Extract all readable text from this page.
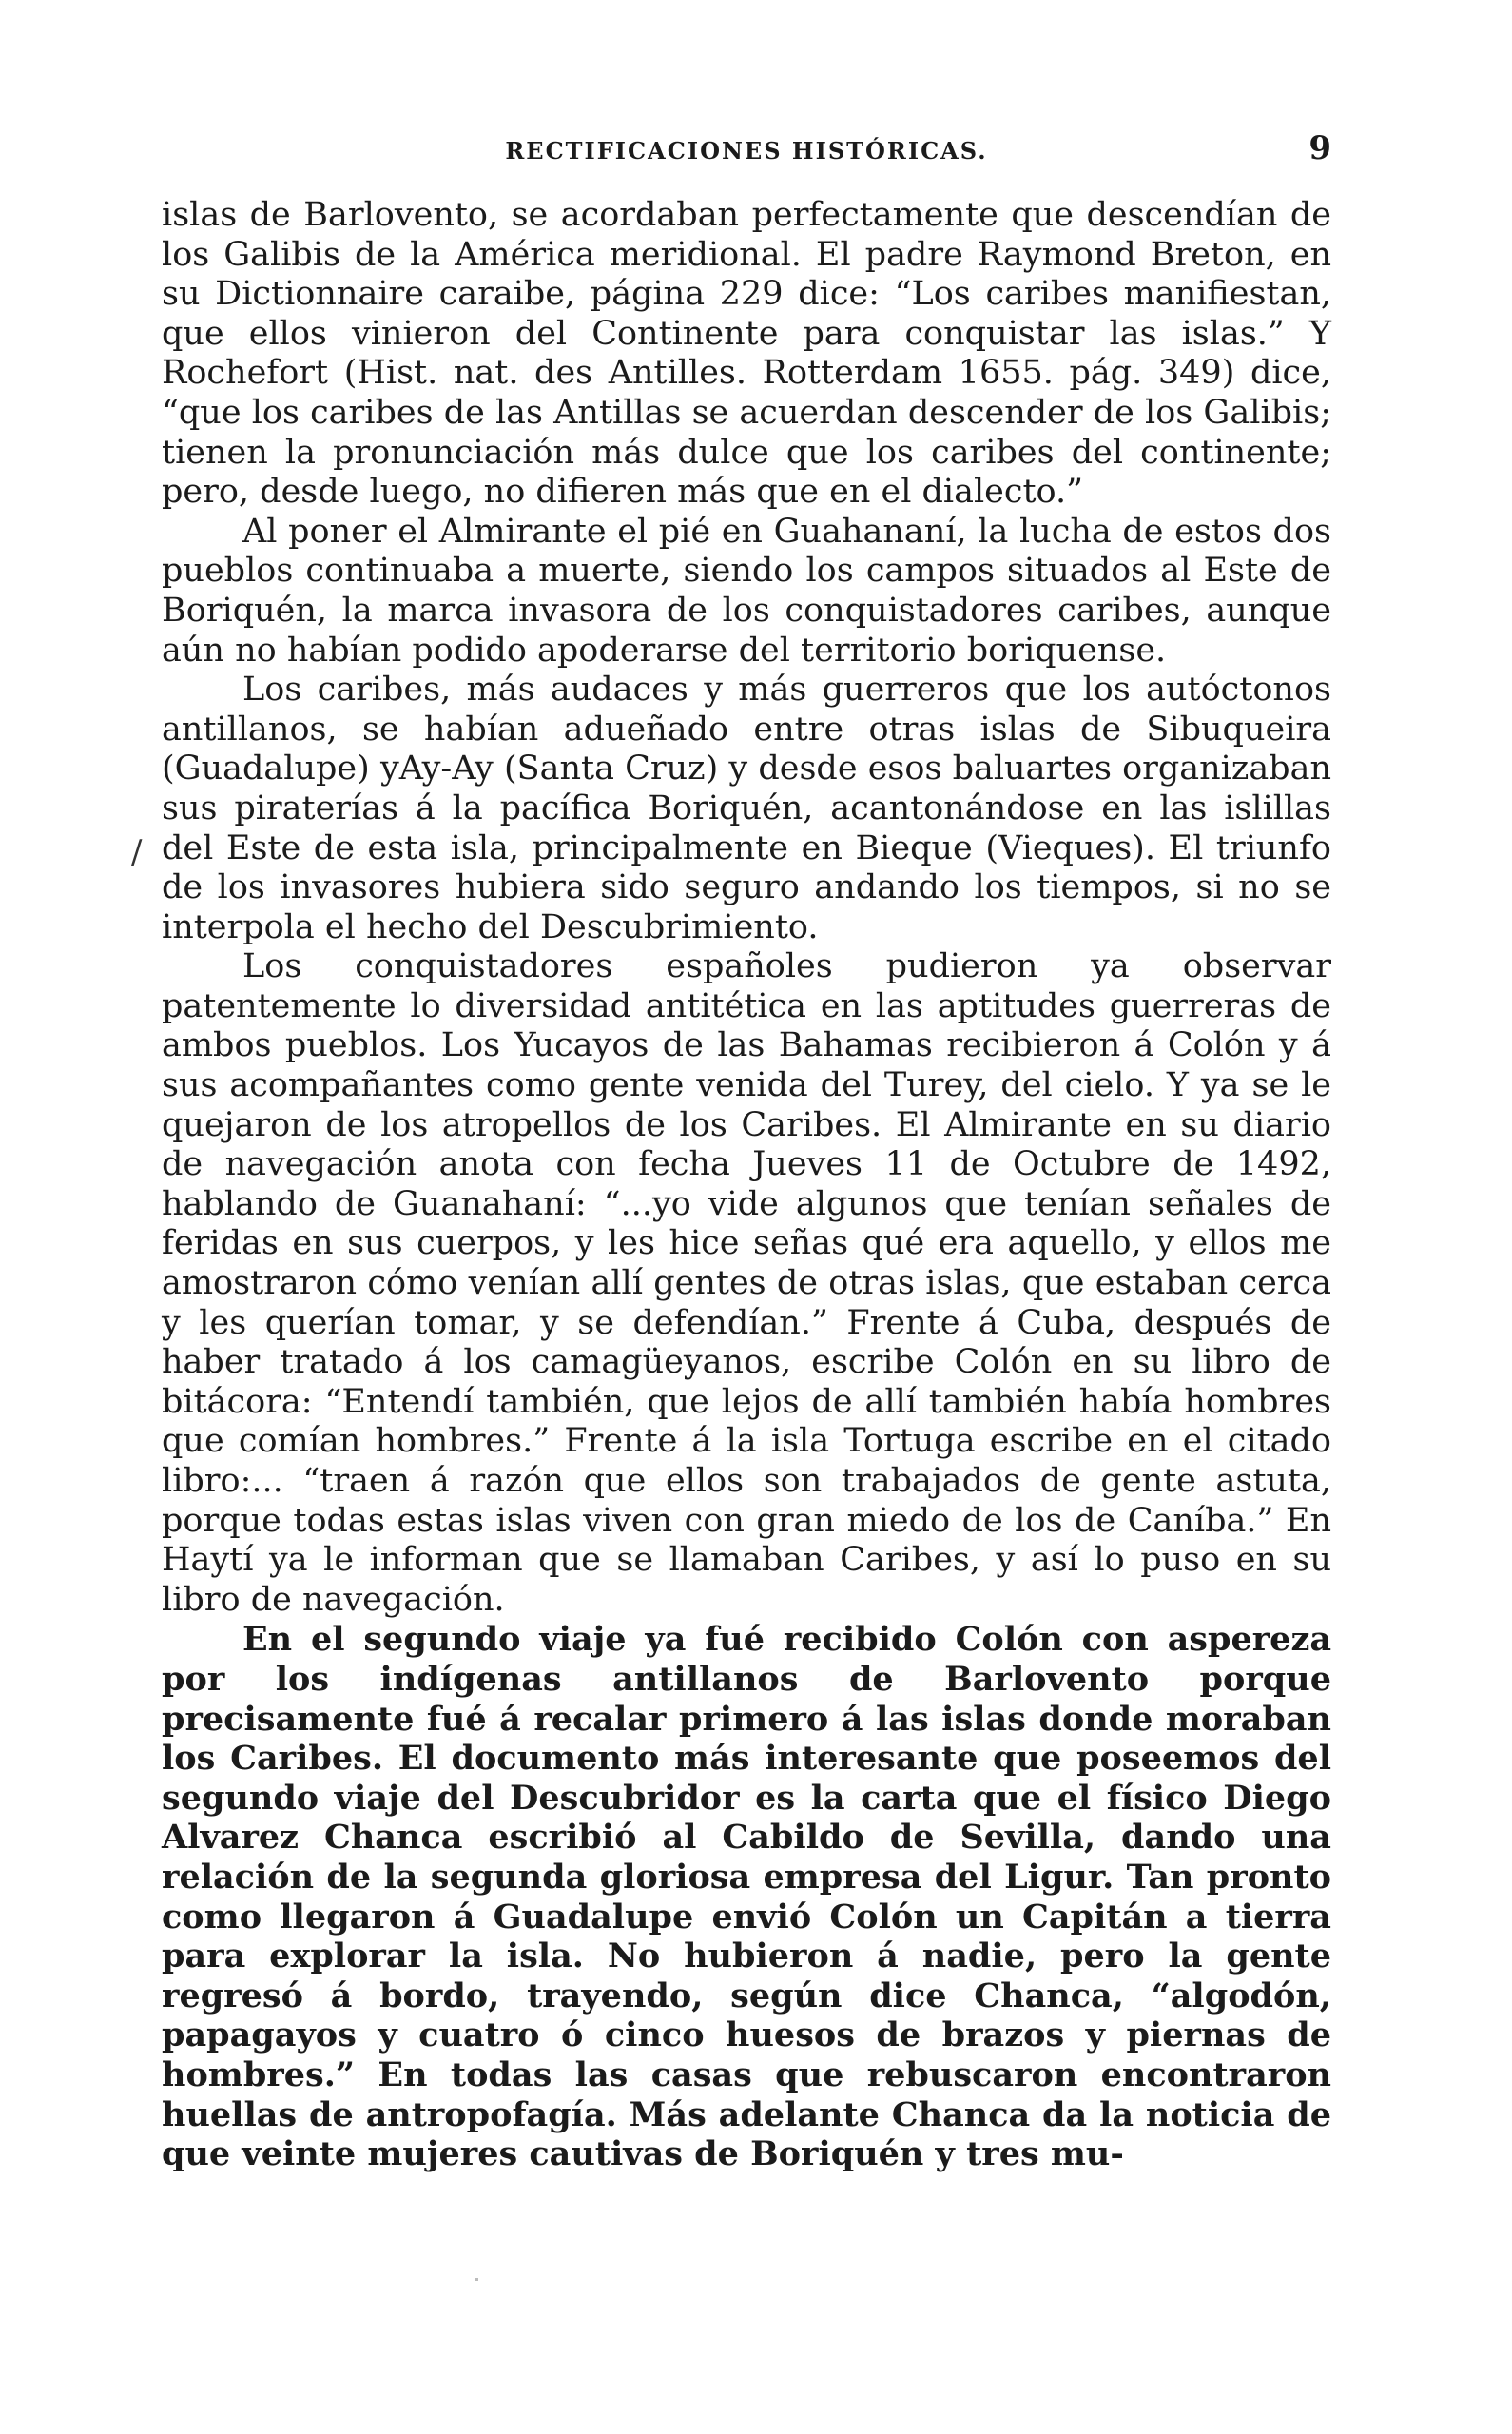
RECTIFICACIONES HISTÓRICAS.	9

islas de Barlovento, se acordaban perfectamente que descendían de los Galibis de la América meridional. El padre Raymond Breton, en su Dictionnaire caraibe, página 229 dice: “Los caribes manifiestan, que ellos vinieron del Continente para conquistar las islas.” Y Rochefort (Hist. nat. des Antilles. Rotterdam 1655. pág. 349) dice, “que los caribes de las Antillas se acuerdan descender de los Galibis; tienen la pronunciación más dulce que los caribes del continente; pero, desde luego, no difieren más que en el dialecto.”

Al poner el Almirante el pié en Guahananí, la lucha de estos dos pueblos continuaba a muerte, siendo los campos situados al Este de Boriquén, la marca invasora de los conquistadores caribes, aunque aún no habían podido apoderarse del territorio boriquense.

Los caribes, más audaces y más guerreros que los autóctonos antillanos, se habían adueñado entre otras islas de Sibuqueira (Guadalupe) yAy-Ay (Santa Cruz) y desde esos baluartes organizaban sus piraterías á la pacífica Boriquén, acantonándose en las islillas del Este de esta isla, principalmente en Bieque (Vieques). El triunfo de los invasores hubiera sido seguro andando los tiempos, si no se interpola el hecho del Descubrimiento.

Los conquistadores españoles pudieron ya observar patentemente lo diversidad antitética en las aptitudes guerreras de ambos pueblos. Los Yucayos de las Bahamas recibieron á Colón y á sus acompañantes como gente venida del Turey, del cielo. Y ya se le quejaron de los atropellos de los Caribes. El Almirante en su diario de navegación anota con fecha Jueves 11 de Octubre de 1492, hablando de Guanahaní: “...yo vide algunos que tenían señales de feridas en sus cuerpos, y les hice señas qué era aquello, y ellos me amostraron cómo venían allí gentes de otras islas, que estaban cerca y les querían tomar, y se defendían.” Frente á Cuba, después de haber tratado á los camagüeyanos, escribe Colón en su libro de bitácora: “Entendí también, que lejos de allí también había hombres que comían hombres.” Frente á la isla Tortuga escribe en el citado libro:... “traen á razón que ellos son trabajados de gente astuta, porque todas estas islas viven con gran miedo de los de Caníba.” En Haytí ya le informan que se llamaban Caribes, y así lo puso en su libro de navegación.

En el segundo viaje ya fué recibido Colón con aspereza por los indígenas antillanos de Barlovento porque precisamente fué á recalar primero á las islas donde moraban los Caribes. El documento más interesante que poseemos del segundo viaje del Descubridor es la carta que el físico Diego Alvarez Chanca escribió al Cabildo de Sevilla, dando una relación de la segunda gloriosa empresa del Ligur. Tan pronto como llegaron á Guadalupe envió Colón un Capitán a tierra para explorar la isla. No hubieron á nadie, pero la gente regresó á bordo, trayendo, según dice Chanca, “algodón, papagayos y cuatro ó cinco huesos de brazos y piernas de hombres.” En todas las casas que rebuscaron encontraron huellas de antropofagía. Más adelante Chanca da la noticia de que veinte mujeres cautivas de Boriquén y tres mu-

/
